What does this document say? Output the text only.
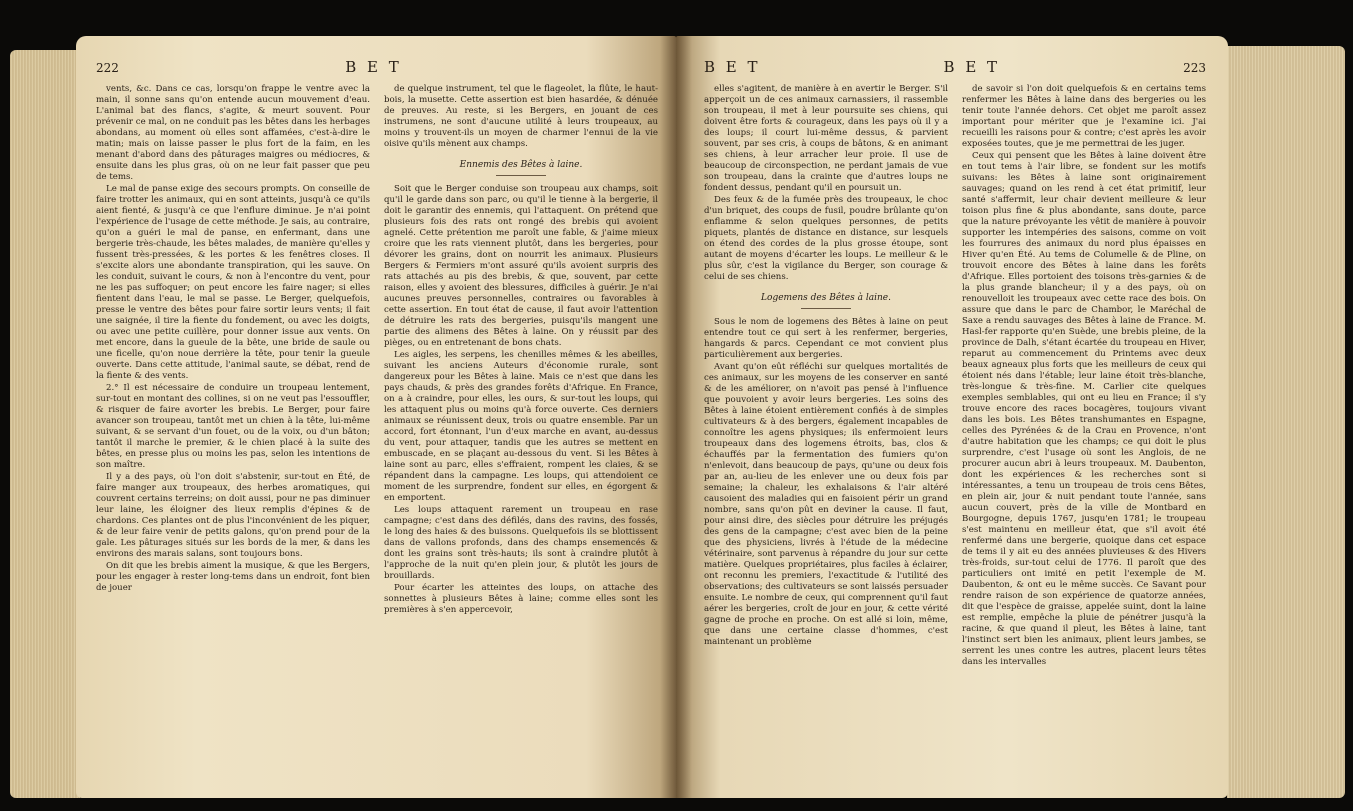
222	B E T

vents, &c. Dans ce cas, lorsqu'on frappe le ventre avec la main, il sonne sans qu'on entende aucun mouvement d'eau. L'animal bat des flancs, s'agite, & meurt souvent. Pour prévenir ce mal, on ne conduit pas les bêtes dans les herbages abondans, au moment où elles sont affamées, c'est-à-dire le matin; mais on laisse passer le plus fort de la faim, en les menant d'abord dans des pâturages maigres ou médiocres, & ensuite dans les plus gras, où on ne leur fait passer que peu de tems.

Le mal de panse exige des secours prompts. On conseille de faire trotter les animaux, qui en sont atteints, jusqu'à ce qu'ils aient fienté, & jusqu'à ce que l'enflure diminue. Je n'ai point l'expérience de l'usage de cette méthode. Je sais, au contraire, qu'on a guéri le mal de panse, en enfermant, dans une bergerie très-chaude, les bêtes malades, de manière qu'elles y fussent très-pressées, & les portes & les fenêtres closes. Il s'excite alors une abondante transpiration, qui les sauve. On les conduit, suivant le cours, & non à l'encontre du vent, pour ne les pas suffoquer; on peut encore les faire nager; si elles fientent dans l'eau, le mal se passe. Le Berger, quelquefois, presse le ventre des bêtes pour faire sortir leurs vents; il fait une saignée, il tire la fiente du fondement, ou avec les doigts, ou avec une petite cuillère, pour donner issue aux vents. On met encore, dans la gueule de la bête, une bride de saule ou une ficelle, qu'on noue derrière la tête, pour tenir la gueule ouverte. Dans cette attitude, l'animal saute, se débat, rend de la fiente & des vents.

2.° Il est nécessaire de conduire un troupeau lentement, sur-tout en montant des collines, si on ne veut pas l'essouffler, & risquer de faire avorter les brebis. Le Berger, pour faire avancer son troupeau, tantôt met un chien à la tête, lui-même suivant, & se servant d'un fouet, ou de la voix, ou d'un bâton; tantôt il marche le premier, & le chien placé à la suite des bêtes, en presse plus ou moins les pas, selon les intentions de son maître.

Il y a des pays, où l'on doit s'abstenir, sur-tout en Été, de faire manger aux troupeaux, des herbes aromatiques, qui couvrent certains terreins; on doit aussi, pour ne pas diminuer leur laine, les éloigner des lieux remplis d'épines & de chardons. Ces plantes ont de plus l'inconvénient de les piquer, & de leur faire venir de petits galons, qu'on prend pour de la gale. Les pâturages situés sur les bords de la mer, & dans les environs des marais salans, sont toujours bons.

On dit que les brebis aiment la musique, & que les Bergers, pour les engager à rester long-tems dans un endroit, font bien de jouer

de quelque instrument, tel que le flageolet, la flûte, le haut-bois, la musette. Cette assertion est bien hasardée, & dénuée de preuves. Au reste, si les Bergers, en jouant de ces instrumens, ne sont d'aucune utilité à leurs troupeaux, au moins y trouvent-ils un moyen de charmer l'ennui de la vie oisive qu'ils mènent aux champs.

Ennemis des Bêtes à laine.

Soit que le Berger conduise son troupeau aux champs, soit qu'il le garde dans son parc, ou qu'il le tienne à la bergerie, il doit le garantir des ennemis, qui l'attaquent. On prétend que plusieurs fois des rats ont rongé des brebis qui avoient agnelé. Cette prétention me paroît une fable, & j'aime mieux croire que les rats viennent plutôt, dans les bergeries, pour dévorer les grains, dont on nourrit les animaux. Plusieurs Bergers & Fermiers m'ont assuré qu'ils avoient surpris des rats attachés au pis des brebis, & que, souvent, par cette raison, elles y avoient des blessures, difficiles à guérir. Je n'ai aucunes preuves personnelles, contraires ou favorables à cette assertion. En tout état de cause, il faut avoir l'attention de détruire les rats des bergeries, puisqu'ils mangent une partie des alimens des Bêtes à laine. On y réussit par des pièges, ou en entretenant de bons chats.

Les aigles, les serpens, les chenilles mêmes & les abeilles, suivant les anciens Auteurs d'économie rurale, sont dangereux pour les Bêtes à laine. Mais ce n'est que dans les pays chauds, & près des grandes forêts d'Afrique. En France, on a à craindre, pour elles, les ours, & sur-tout les loups, qui les attaquent plus ou moins qu'à force ouverte. Ces derniers animaux se réunissent deux, trois ou quatre ensemble. Par un accord, fort étonnant, l'un d'eux marche en avant, au-dessus du vent, pour attaquer, tandis que les autres se mettent en embuscade, en se plaçant au-dessous du vent. Si les Bêtes à laine sont au parc, elles s'effraient, rompent les claies, & se répandent dans la campagne. Les loups, qui attendoient ce moment de les surprendre, fondent sur elles, en égorgent & en emportent.

Les loups attaquent rarement un troupeau en rase campagne; c'est dans des défilés, dans des ravins, des fossés, le long des haies & des buissons. Quelquefois ils se blottissent dans de vallons profonds, dans des champs ensemencés & dont les grains sont très-hauts; ils sont à craindre plutôt à l'approche de la nuit qu'en plein jour, & plutôt les jours de brouillards.

Pour écarter les atteintes des loups, on attache des sonnettes à plusieurs Bêtes à laine; comme elles sont les premières à s'en appercevoir,

B E T	B E T	223

elles s'agitent, de manière à en avertir le Berger. S'il apperçoit un de ces animaux carnassiers, il rassemble son troupeau, il met à leur poursuite ses chiens, qui doivent être forts & courageux, dans les pays où il y a des loups; il court lui-même dessus, & parvient souvent, par ses cris, à coups de bâtons, & en animant ses chiens, à leur arracher leur proie. Il use de beaucoup de circonspection, ne perdant jamais de vue son troupeau, dans la crainte que d'autres loups ne fondent dessus, pendant qu'il en poursuit un.

Des feux & de la fumée près des troupeaux, le choc d'un briquet, des coups de fusil, poudre brûlante qu'on enflamme & selon quelques personnes, de petits piquets, plantés de distance en distance, sur lesquels on étend des cordes de la plus grosse étoupe, sont autant de moyens d'écarter les loups. Le meilleur & le plus sûr, c'est la vigilance du Berger, son courage & celui de ses chiens.

Logemens des Bêtes à laine.

Sous le nom de logemens des Bêtes à laine on peut entendre tout ce qui sert à les renfermer, bergeries, hangards & parcs. Cependant ce mot convient plus particulièrement aux bergeries.

Avant qu'on eût réfléchi sur quelques mortalités de ces animaux, sur les moyens de les conserver en santé & de les améliorer, on n'avoit pas pensé à l'influence que pouvoient y avoir leurs bergeries. Les soins des Bêtes à laine étoient entièrement confiés à de simples cultivateurs & à des bergers, également incapables de connoître les agens physiques; ils enfermoient leurs troupeaux dans des logemens étroits, bas, clos & échauffés par la fermentation des fumiers qu'on n'enlevoit, dans beaucoup de pays, qu'une ou deux fois par an, au-lieu de les enlever une ou deux fois par semaine; la chaleur, les exhalaisons & l'air altéré causoient des maladies qui en faisoient périr un grand nombre, sans qu'on pût en deviner la cause. Il faut, pour ainsi dire, des siècles pour détruire les préjugés des gens de la campagne; c'est avec bien de la peine que des physiciens, livrés à l'étude de la médecine vétérinaire, sont parvenus à répandre du jour sur cette matière. Quelques propriétaires, plus faciles à éclairer, ont reconnu les premiers, l'exactitude & l'utilité des observations; des cultivateurs se sont laissés persuader ensuite. Le nombre de ceux, qui comprennent qu'il faut aérer les bergeries, croît de jour en jour, & cette vérité gagne de proche en proche. On est allé si loin, même, que dans une certaine classe d'hommes, c'est maintenant un problème

de savoir si l'on doit quelquefois & en certains tems renfermer les Bêtes à laine dans des bergeries ou les tenir toute l'année dehors. Cet objet me paroît assez important pour mériter que je l'examine ici. J'ai recueilli les raisons pour & contre; c'est après les avoir exposées toutes, que je me permettrai de les juger.

Ceux qui pensent que les Bêtes à laine doivent être en tout tems à l'air libre, se fondent sur les motifs suivans: les Bêtes à laine sont originairement sauvages; quand on les rend à cet état primitif, leur santé s'affermit, leur chair devient meilleure & leur toison plus fine & plus abondante, sans doute, parce que la nature prévoyante les vêtit de manière à pouvoir supporter les intempéries des saisons, comme on voit les fourrures des animaux du nord plus épaisses en Hiver qu'en Été. Au tems de Columelle & de Pline, on trouvoit encore des Bêtes à laine dans les forêts d'Afrique. Elles portoient des toisons très-garnies & de la plus grande blancheur; il y a des pays, où on renouvelloit les troupeaux avec cette race des bois. On assure que dans le parc de Chambor, le Maréchal de Saxe a rendu sauvages des Bêtes à laine de France. M. Hasl-fer rapporte qu'en Suède, une brebis pleine, de la province de Dalh, s'étant écartée du troupeau en Hiver, reparut au commencement du Printems avec deux beaux agneaux plus forts que les meilleurs de ceux qui étoient nés dans l'étable; leur laine étoit très-blanche, très-longue & très-fine. M. Carlier cite quelques exemples semblables, qui ont eu lieu en France; il s'y trouve encore des races bocagères, toujours vivant dans les bois. Les Bêtes transhumantes en Espagne, celles des Pyrénées & de la Crau en Provence, n'ont d'autre habitation que les champs; ce qui doit le plus surprendre, c'est l'usage où sont les Anglois, de ne procurer aucun abri à leurs troupeaux. M. Daubenton, dont les expériences & les recherches sont si intéressantes, a tenu un troupeau de trois cens Bêtes, en plein air, jour & nuit pendant toute l'année, sans aucun couvert, près de la ville de Montbard en Bourgogne, depuis 1767, jusqu'en 1781; le troupeau s'est maintenu en meilleur état, que s'il avoit été renfermé dans une bergerie, quoique dans cet espace de tems il y ait eu des années pluvieuses & des Hivers très-froids, sur-tout celui de 1776. Il paroît que des particuliers ont imité en petit l'exemple de M. Daubenton, & ont eu le même succès. Ce Savant pour rendre raison de son expérience de quatorze années, dit que l'espèce de graisse, appelée suint, dont la laine est remplie, empêche la pluie de pénétrer jusqu'à la racine, & que quand il pleut, les Bêtes à laine, tant l'instinct sert bien les animaux, plient leurs jambes, se serrent les unes contre les autres, placent leurs têtes dans les intervalles
